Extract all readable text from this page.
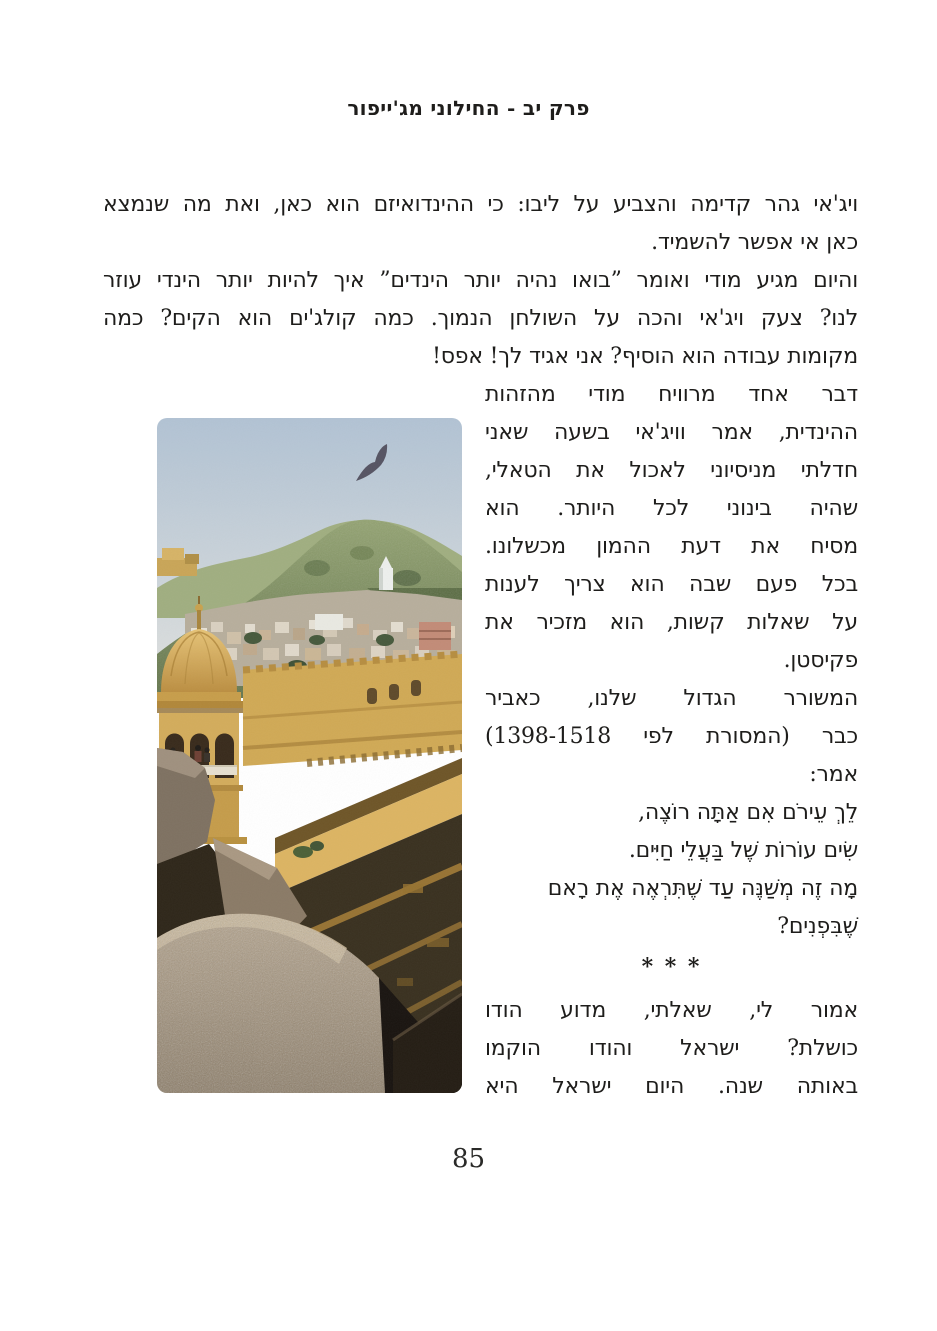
פרק יב - החילוני מג'ייפור
ויג'אי גהר קדימה והצביע על ליבו: כי ההינדואיזם הוא כאן, ואת מה שנמצא
כאן אי אפשר להשמיד.
והיום מגיע מודי ואומר ”בואו נהיה יותר הינדים” איך להיות יותר הינדי עוזר
לנו? צעק ויג'אי והכה על השולחן הנמוך. כמה קולג'ים הוא הקים? כמה
מקומות עבודה הוא הוסיף? אני אגיד לך! אפס!
דבר אחד מרוויח מודי מהזהות
ההינדית, אמר וויג'אי בשעה שאני
חדלתי מניסיוני לאכול את הטאלי,
שהיה בינוני לכל היותר. הוא
מסיח את דעת ההמון מכשלונו.
בכל פעם שבה הוא צריך לענות
על שאלות קשות, הוא מזכיר את
פקיסטן.
המשורר הגדול שלנו, כאביר
כבר (המסורת לפי 1398-1518)
אמר:
לֵךְ עֵירֹם אִם אַתָּה רוֹצֶה,
שִׂים עוֹרוֹת שֶׁל בַּעֲלֵי חַיִּים.
מָה זֶה מְשַׁנֶּה עַד שֶׁתִּרְאֶה אֶת רָאם
שֶׁבִּפְנִים?
* * *
אמור לי, שאלתי, מדוע הודו
כושלת? ישראל והודו הוקמו
באותה שנה. היום ישראל היא
85
